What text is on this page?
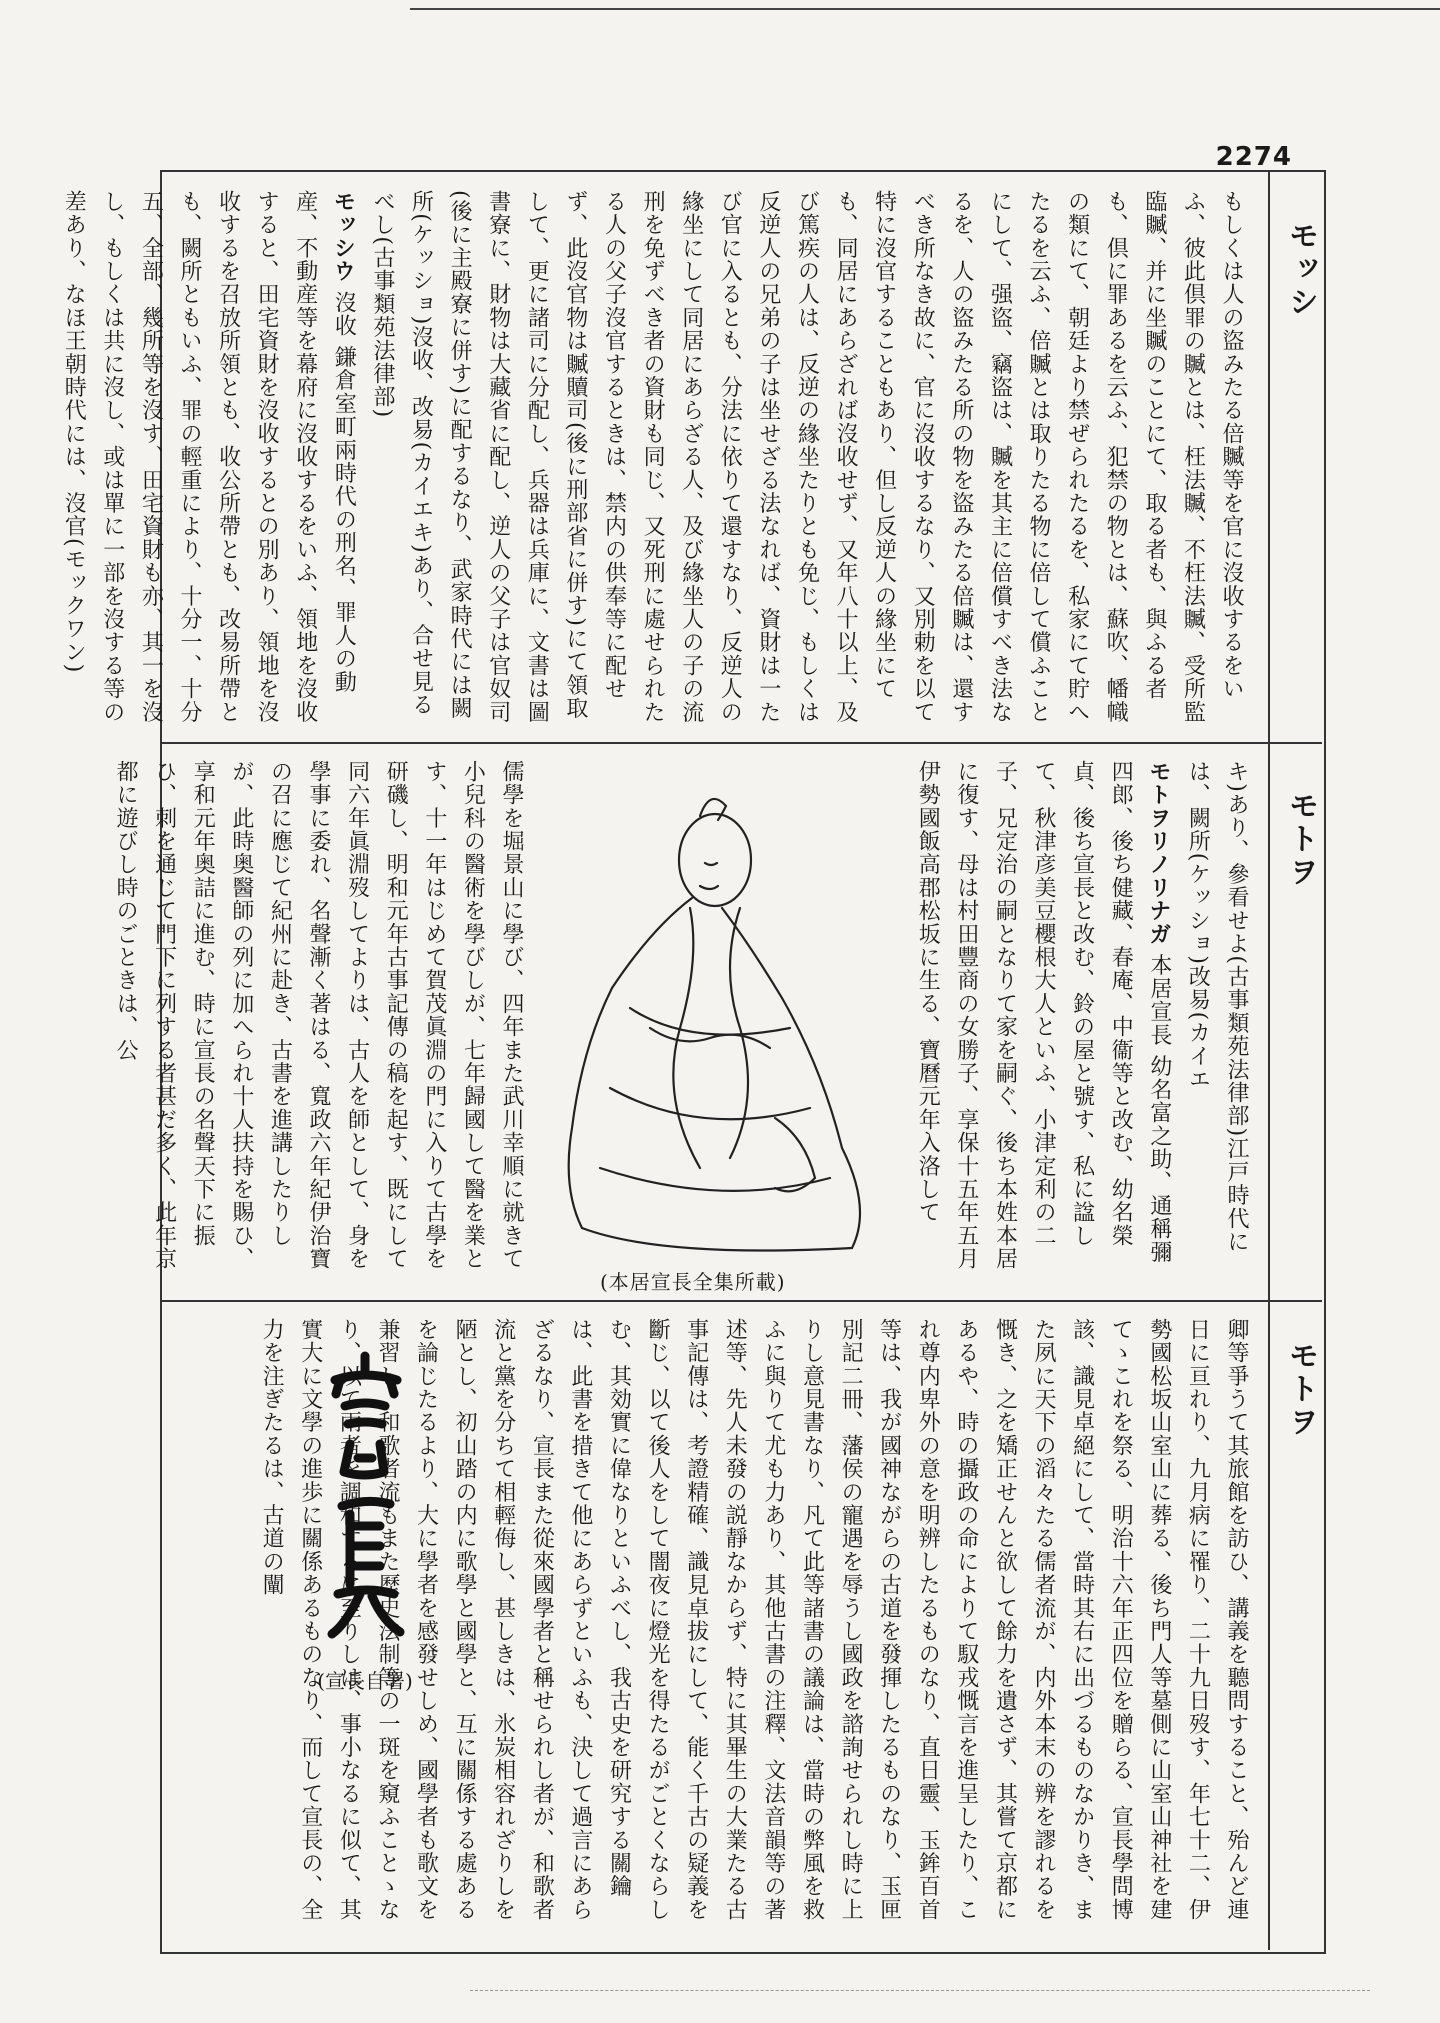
2274
モッシ
モトヲ
モトヲ

もしくは人の盜みたる倍贓等を官に沒收するをいふ、彼此倶罪の贓とは、枉法贓、不枉法贓、受所監臨贓、并に坐贓のことにて、取る者も、與ふる者も、倶に罪あるを云ふ、犯禁の物とは、蘇吹、幡幟の類にて、朝廷より禁ぜられたるを、私家にて貯へたるを云ふ、倍贓とは取りたる物に倍して償ふことにして、强盜、竊盜は、贓を其主に倍償すべき法なるを、人の盜みたる所の物を盜みたる倍贓は、還すべき所なき故に、官に沒收するなり、又別勅を以て特に沒官することもあり、但し反逆人の緣坐にても、同居にあらざれば沒收せず、又年八十以上、及び篤疾の人は、反逆の緣坐たりとも免じ、もしくは反逆人の兄弟の子は坐せざる法なれば、資財は一たび官に入るとも、分法に依りて還すなり、反逆人の緣坐にして同居にあらざる人、及び緣坐人の子の流刑を免ずべき者の資財も同じ、又死刑に處せられたる人の父子沒官するときは、禁内の供奉等に配せず、此沒官物は贓贖司(後に刑部省に併す)にて領取して、更に諸司に分配し、兵器は兵庫に、文書は圖書寮に、財物は大藏省に配し、逆人の父子は官奴司(後に主殿寮に併す)に配するなり、武家時代には闕所(ケッショ)沒收、改易(カイエキ)あり、合せ見るべし(古事類苑法律部)

モッシウ 沒收 鎌倉室町兩時代の刑名、罪人の動産、不動産等を幕府に沒收するをいふ、領地を沒收すると、田宅資財を沒收するとの別あり、領地を沒收するを召放所領とも、收公所帶とも、改易所帶とも、闕所ともいふ、罪の輕重により、十分一、十分五、全部、幾所等を沒す、田宅資財も亦、其一を沒し、もしくは共に沒し、或は單に一部を沒する等の差あり、なほ王朝時代には、沒官(モックワン)

キ)あり、參看せよ(古事類苑法律部)江戸時代には、闕所(ケッショ)改易(カイエ

モトヲリノリナガ 本居宣長 幼名富之助、通稱彌四郎、後ち健藏、春庵、中衞等と改む、幼名榮貞、後ち宣長と改む、鈴の屋と號す、私に諡して、秋津彦美豆櫻根大人といふ、小津定利の二子、兄定治の嗣となりて家を嗣ぐ、後ち本姓本居に復す、母は村田豐商の女勝子、享保十五年五月伊勢國飯高郡松坂に生る、寶曆元年入洛して

(本居宣長全集所載)

儒學を堀景山に學び、四年また武川幸順に就きて小兒科の醫術を學びしが、七年歸國して醫を業とす、十一年はじめて賀茂眞淵の門に入りて古學を研磯し、明和元年古事記傳の稿を起す、既にして同六年眞淵歿してよりは、古人を師として、身を學事に委れ、名聲漸く著はる、寬政六年紀伊治寶の召に應じて紀州に赴き、古書を進講したりしが、此時奥醫師の列に加へられ十人扶持を賜ひ、享和元年奥詰に進む、時に宣長の名聲天下に振ひ、刺を通じて門下に列する者甚だ多く、此年京都に遊びし時のごときは、公

卿等爭うて其旅館を訪ひ、講義を聽問すること、殆んど連日に亘れり、九月病に罹り、二十九日歿す、年七十二、伊勢國松坂山室山に葬る、後ち門人等墓側に山室山神社を建てゝこれを祭る、明治十六年正四位を贈らる、宣長學問博該、識見卓絕にして、當時其右に出づるものなかりき、また夙に天下の滔々たる儒者流が、内外本末の辨を謬れるを慨き、之を矯正せんと欲して餘力を遺さず、其嘗て京都にあるや、時の攝政の命によりて馭戎慨言を進呈したり、これ尊内卑外の意を明辨したるものなり、直日靈、玉鉾百首等は、我が國神ながらの古道を發揮したるものなり、玉匣別記二冊、藩侯の寵遇を辱うし國政を諮詢せられし時に上りし意見書なり、凡て此等諸書の議論は、當時の弊風を救ふに與りて尤も力あり、其他古書の注釋、文法音韻等の著述等、先人未發の説靜なからず、特に其畢生の大業たる古事記傳は、考證精確、識見卓拔にして、能く千古の疑義を斷じ、以て後人をして闇夜に燈光を得たるがごとくならしむ、其効實に偉なりといふべし、我古史を研究する關鑰は、此書を措きて他にあらずといふも、決して過言にあらざるなり、宣長また從來國學者と稱せられし者が、和歌者流と黨を分ちて相輕侮し、甚しきは、氷炭相容れざりしを陋とし、初山踏の内に歌學と國學と、互に關係する處あるを論じたるより、大に學者を感發せしめ、國學者も歌文を兼習し、和歌者流もまた歷史法制等の一斑を窺ふことゝなり、以て兩者を調和するに至りしは、事小なるに似て、其實大に文學の進歩に關係あるものなり、而して宣長の、全力を注ぎたるは、古道の闡

(宣長自署)
